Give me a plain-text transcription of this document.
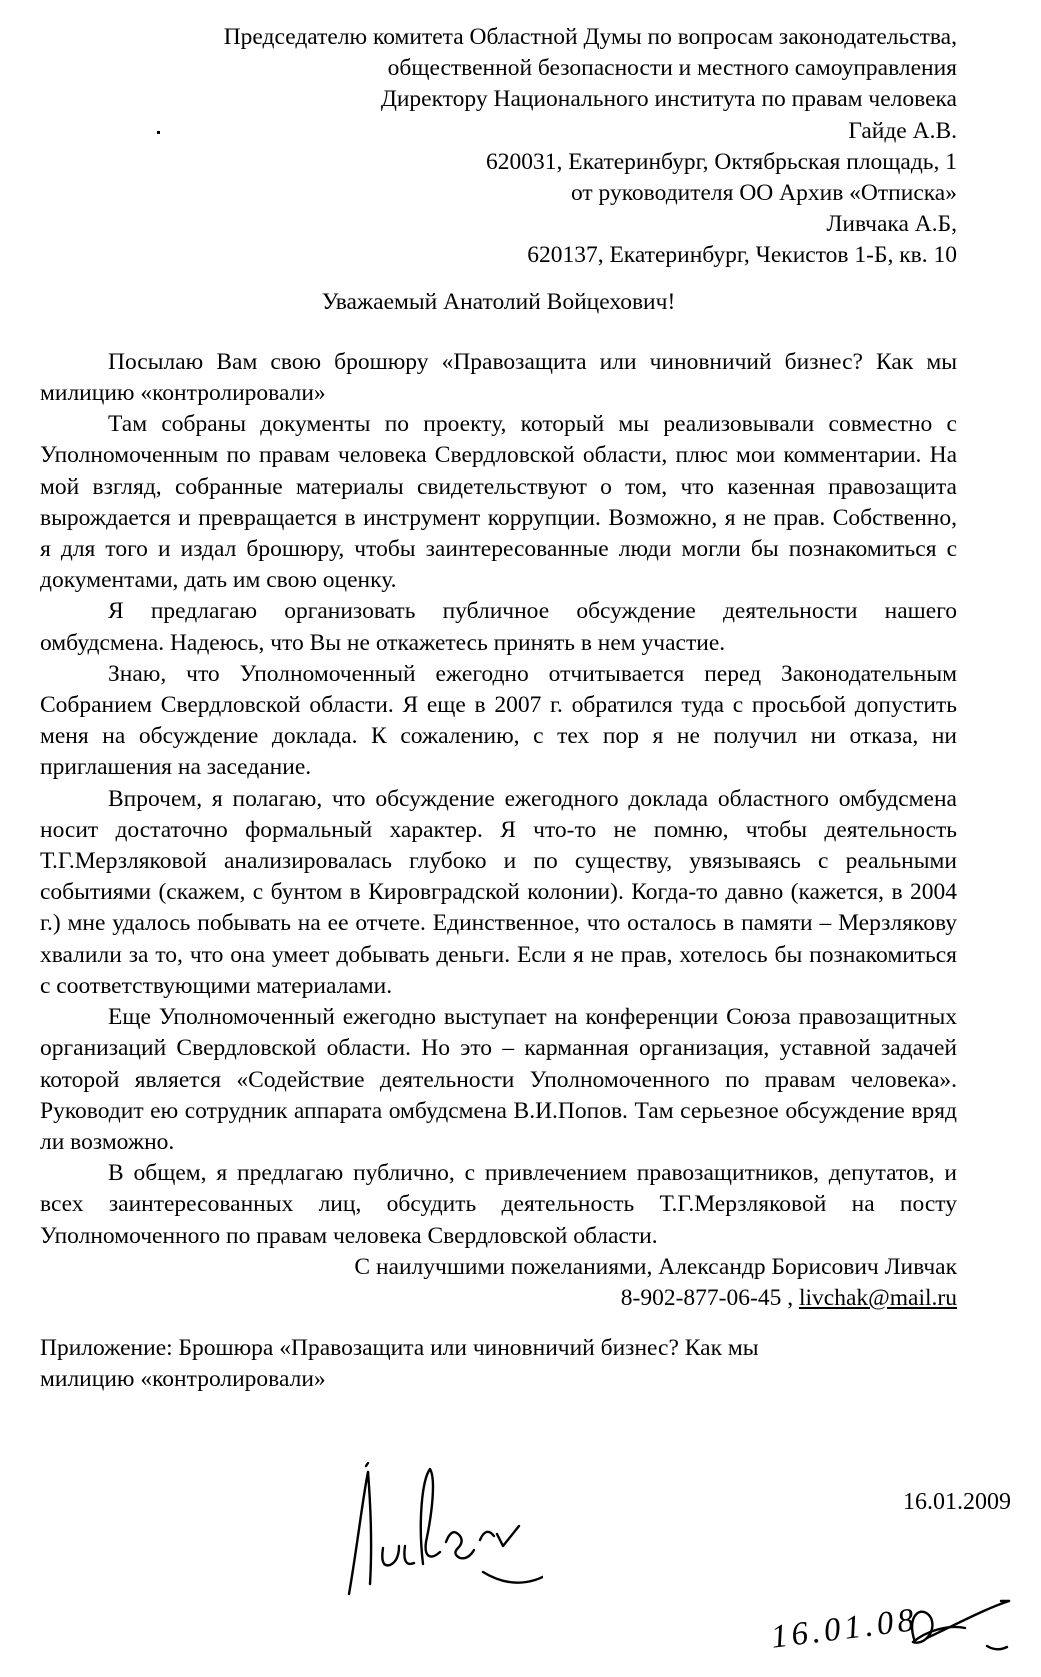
Председателю комитета Областной Думы по вопросам законодательства,
общественной безопасности и местного самоуправления
Директору Национального института по правам человека
Гайде А.В.
620031, Екатеринбург, Октябрьская площадь, 1
от руководителя ОО Архив «Отписка»
Ливчака А.Б,
620137, Екатеринбург, Чекистов 1-Б, кв. 10
Уважаемый Анатолий Войцехович!

Посылаю Вам свою брошюру «Правозащита или чиновничий бизнес? Как мы милицию «контролировали»

Там собраны документы по проекту, который мы реализовывали совместно с Уполномоченным по правам человека Свердловской области, плюс мои комментарии. На мой взгляд, собранные материалы свидетельствуют о том, что казенная правозащита вырождается и превращается в инструмент коррупции. Возможно, я не прав. Собственно, я для того и издал брошюру, чтобы заинтересованные люди могли бы познакомиться с документами, дать им свою оценку.

Я предлагаю организовать публичное обсуждение деятельности нашего омбудсмена. Надеюсь, что Вы не откажетесь принять в нем участие.

Знаю, что Уполномоченный ежегодно отчитывается перед Законодательным Собранием Свердловской области. Я еще в 2007 г. обратился туда с просьбой допустить меня на обсуждение доклада. К сожалению, с тех пор я не получил ни отказа, ни приглашения на заседание.

Впрочем, я полагаю, что обсуждение ежегодного доклада областного омбудсмена носит достаточно формальный характер. Я что-то не помню, чтобы деятельность Т.Г.Мерзляковой анализировалась глубоко и по существу, увязываясь с реальными событиями (скажем, с бунтом в Кировградской колонии). Когда-то давно (кажется, в 2004 г.) мне удалось побывать на ее отчете. Единственное, что осталось в памяти – Мерзлякову хвалили за то, что она умеет добывать деньги. Если я не прав, хотелось бы познакомиться с соответствующими материалами.

Еще Уполномоченный ежегодно выступает на конференции Союза правозащитных организаций Свердловской области. Но это – карманная организация, уставной задачей которой является «Содействие деятельности Уполномоченного по правам человека». Руководит ею сотрудник аппарата омбудсмена В.И.Попов. Там серьезное обсуждение вряд ли возможно.

В общем, я предлагаю публично, с привлечением правозащитников, депутатов, и всех заинтересованных лиц, обсудить деятельность Т.Г.Мерзляковой на посту Уполномоченного по правам человека Свердловской области.

С наилучшими пожеланиями, Александр Борисович Ливчак
8-902-877-06-45 , livchak@mail.ru
Приложение: Брошюра «Правозащита или чиновничий бизнес? Как мы милицию «контролировали»
16.01.2009
16.01.08
